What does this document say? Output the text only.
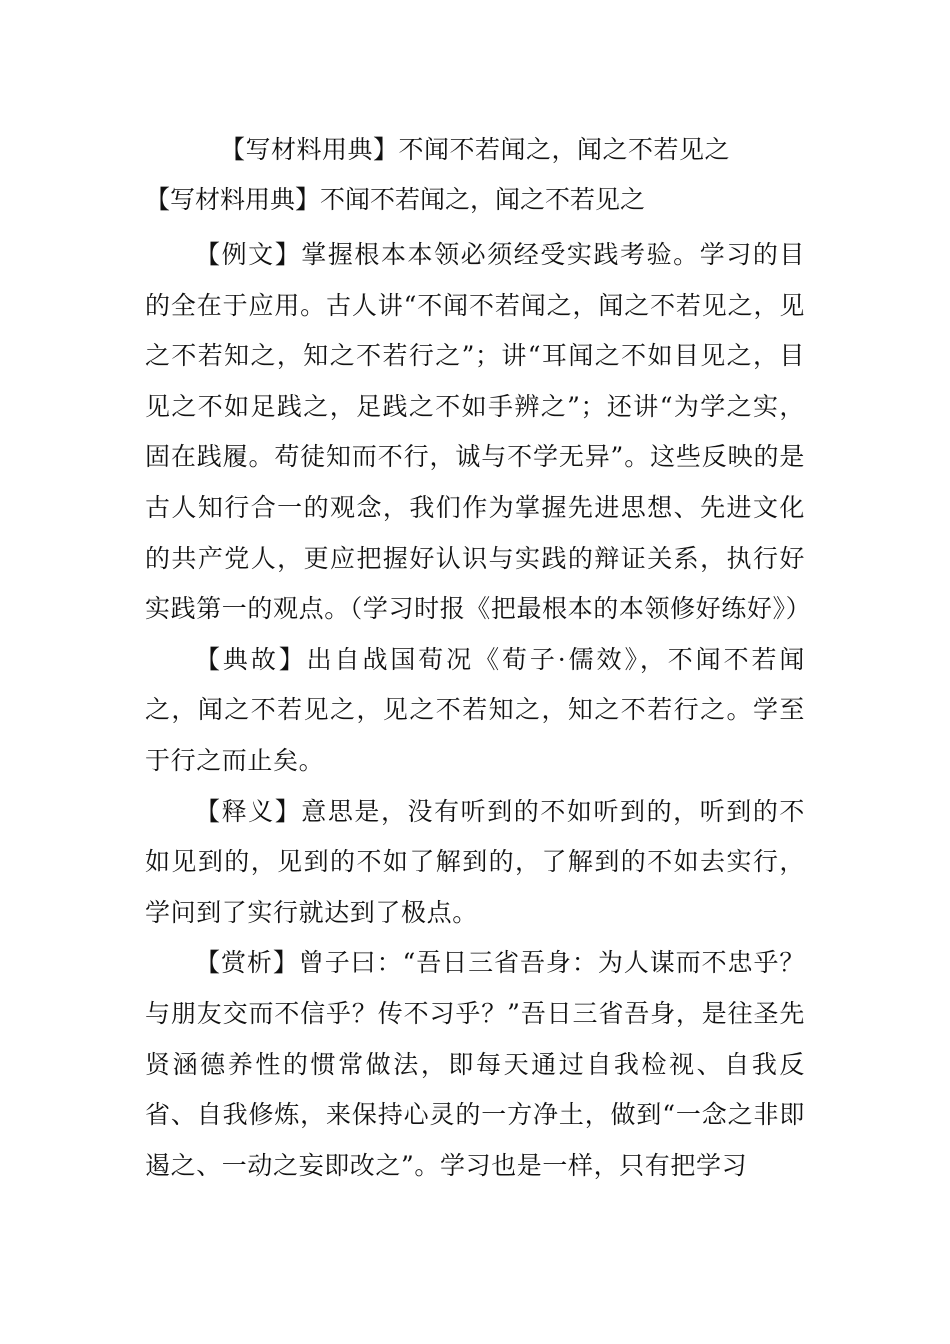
【写材料用典】不闻不若闻之，闻之不若见之
【写材料用典】不闻不若闻之，闻之不若见之

【例文】掌握根本本领必须经受实践考验。学习的目的全在于应用。古人讲“不闻不若闻之，闻之不若见之，见之不若知之，知之不若行之”；讲“耳闻之不如目见之，目见之不如足践之，足践之不如手辨之”；还讲“为学之实，固在践履。苟徒知而不行，诚与不学无异”。这些反映的是古人知行合一的观念，我们作为掌握先进思想、先进文化的共产党人，更应把握好认识与实践的辩证关系，执行好实践第一的观点。（学习时报《把最根本的本领修好练好》）

【典故】出自战国荀况《荀子·儒效》，不闻不若闻之，闻之不若见之，见之不若知之，知之不若行之。学至于行之而止矣。

【释义】意思是，没有听到的不如听到的，听到的不如见到的，见到的不如了解到的，了解到的不如去实行，学问到了实行就达到了极点。

【赏析】曾子曰：“吾日三省吾身：为人谋而不忠乎？与朋友交而不信乎？传不习乎？”吾日三省吾身，是往圣先贤涵德养性的惯常做法，即每天通过自我检视、自我反省、自我修炼，来保持心灵的一方净土，做到“一念之非即遏之、一动之妄即改之”。学习也是一样，只有把学习
